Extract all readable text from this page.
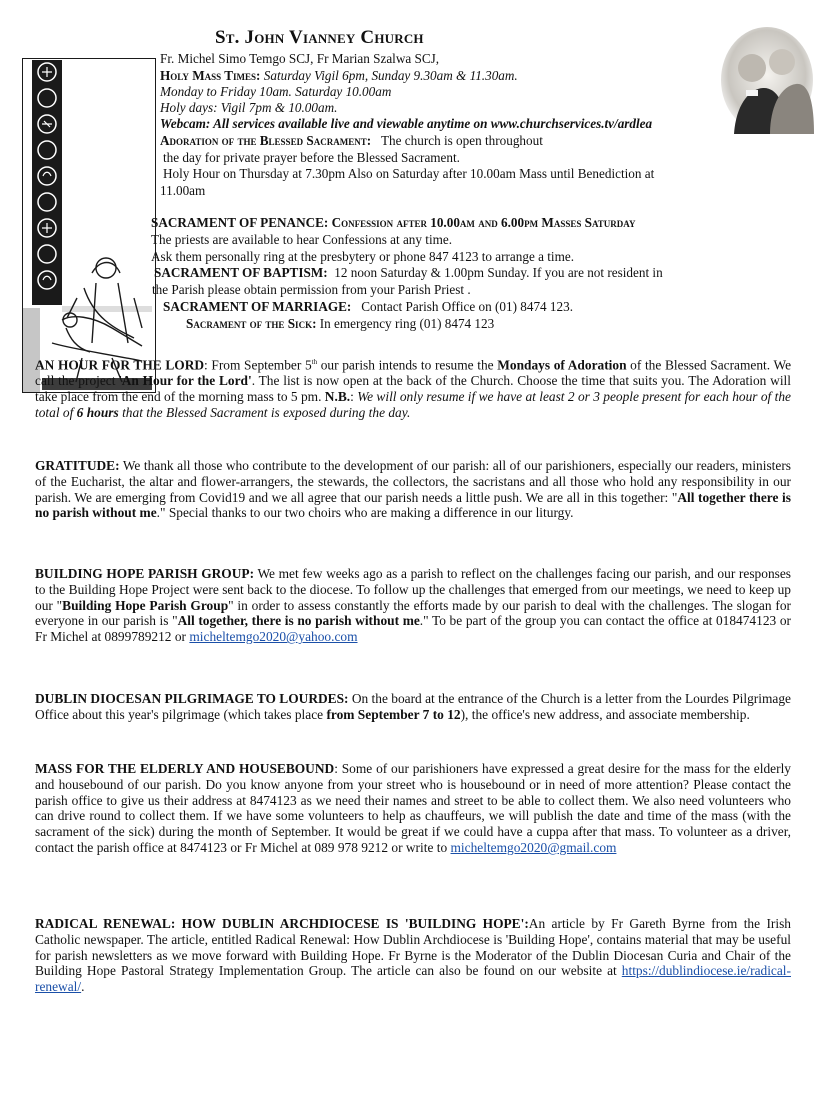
St. John Vianney Church
Fr. Michel Simo Temgo SCJ, Fr Marian Szalwa SCJ,
Holy Mass Times: Saturday Vigil 6pm, Sunday 9.30am & 11.30am.
Monday to Friday 10am. Saturday 10.00am
Holy days: Vigil 7pm & 10.00am.
Webcam: All services available live and viewable anytime on www.churchservices.tv/ardlea
Adoration of the Blessed Sacrament: The church is open throughout
the day for private prayer before the Blessed Sacrament.
Holy Hour on Thursday at 7.30pm Also on Saturday after 10.00am Mass until Benediction at
11.00am
SACRAMENT OF PENANCE: Confession after 10.00am and 6.00pm Masses Saturday
The priests are available to hear Confessions at any time.
Ask them personally ring at the presbytery or phone 847 4123 to arrange a time.
SACRAMENT OF BAPTISM: 12 noon Saturday & 1.00pm Sunday. If you are not resident in
the Parish please obtain permission from your Parish Priest .
SACRAMENT OF MARRIAGE: Contact Parish Office on (01) 8474 123.
Sacrament of the Sick: In emergency ring (01) 8474 123
AN HOUR FOR THE LORD: From September 5th our parish intends to resume the Mondays of Adoration of the Blessed Sacrament. We call the project 'An Hour for the Lord'. The list is now open at the back of the Church. Choose the time that suits you. The Adoration will take place from the end of the morning mass to 5 pm. N.B.: We will only resume if we have at least 2 or 3 people present for each hour of the total of 6 hours that the Blessed Sacrament is exposed during the day.
GRATITUDE: We thank all those who contribute to the development of our parish: all of our parishioners, especially our readers, ministers of the Eucharist, the altar and flower-arrangers, the stewards, the collectors, the sacristans and all those who hold any responsibility in our parish. We are emerging from Covid19 and we all agree that our parish needs a little push. We are all in this together: "All together there is no parish without me." Special thanks to our two choirs who are making a difference in our liturgy.
BUILDING HOPE PARISH GROUP: We met few weeks ago as a parish to reflect on the challenges facing our parish, and our responses to the Building Hope Project were sent back to the diocese. To follow up the challenges that emerged from our meetings, we need to keep up our "Building Hope Parish Group" in order to assess constantly the efforts made by our parish to deal with the challenges. The slogan for everyone in our parish is "All together, there is no parish without me." To be part of the group you can contact the office at 018474123 or Fr Michel at 0899789212 or micheltemgo2020@yahoo.com
DUBLIN DIOCESAN PILGRIMAGE TO LOURDES: On the board at the entrance of the Church is a letter from the Lourdes Pilgrimage Office about this year's pilgrimage (which takes place from September 7 to 12), the office's new address, and associate membership.
MASS FOR THE ELDERLY AND HOUSEBOUND: Some of our parishioners have expressed a great desire for the mass for the elderly and housebound of our parish. Do you know anyone from your street who is housebound or in need of more attention? Please contact the parish office to give us their address at 8474123 as we need their names and street to be able to collect them. We also need volunteers who can drive round to collect them. If we have some volunteers to help as chauffeurs, we will publish the date and time of the mass (with the sacrament of the sick) during the month of September. It would be great if we could have a cuppa after that mass. To volunteer as a driver, contact the parish office at 8474123 or Fr Michel at 089 978 9212 or write to micheltemgo2020@gmail.com
RADICAL RENEWAL: HOW DUBLIN ARCHDIOCESE IS 'BUILDING HOPE':An article by Fr Gareth Byrne from the Irish Catholic newspaper. The article, entitled Radical Renewal: How Dublin Archdiocese is 'Building Hope', contains material that may be useful for parish newsletters as we move forward with Building Hope. Fr Byrne is the Moderator of the Dublin Diocesan Curia and Chair of the Building Hope Pastoral Strategy Implementation Group. The article can also be found on our website at https://dublindiocese.ie/radical-renewal/.
